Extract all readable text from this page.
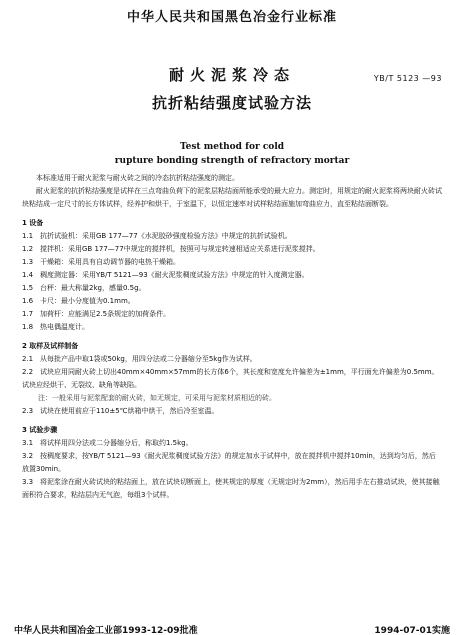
中华人民共和国黑色冶金行业标准
耐火泥浆冷态
抗折粘结强度试验方法
YB/T 5123 —93
Test method for cold
rupture bonding strength of refractory mortar

本标准适用于耐火泥浆与耐火砖之间的冷态抗折粘结强度的测定。

耐火泥浆的抗折粘结强度是试样在三点弯曲负荷下的泥浆层粘结面所能承受的最大应力。测定时，用规定的耐火泥浆将两块耐火砖试块粘结成一定尺寸的长方体试样，经养护和烘干，于室温下，以恒定速率对试样粘结面施加弯曲应力，直至粘结面断裂。

1 设备
1.1 抗折试验机：采用GB 177—77《水泥胶砂强度检验方法》中规定的抗折试验机。
1.2 搅拌机：采用GB 177—77中规定的搅拌机，按照可与规定转速相适应关系进行泥浆搅拌。
1.3 干燥箱：采用具有自动调节器的电热干燥箱。
1.4 稠度测定器：采用YB/T 5121—93《耐火泥浆稠度试验方法》中规定的针入度测定器。
1.5 台秤：最大称量2kg，感量0.5g。
1.6 卡尺：最小分度值为0.1mm。
1.7 加荷杆：应能满足2.5条规定的加荷条件。
1.8 热电偶温度计。
2 取样及试样制备
2.1 从每批产品中取1袋或50kg，用四分法或二分器缩分至5kg作为试样。
2.2 试块应用同耐火砖上切出40mm×40mm×57mm的长方体6个，其长度和宽度允许偏差为±1mm，平行面允许偏差为0.5mm。试块应经烘干、无裂纹、缺角等缺陷。
注：一般采用与泥浆配套的耐火砖，如无规定，可采用与泥浆材质相近的砖。
2.3 试块在使用前应于110±5℃烘箱中烘干，然后冷至室温。
3 试验步骤
3.1 将试样用四分法或二分器缩分后，称取约1.5kg。
3.2 按稠度要求，按YB/T 5121—93《耐火泥浆稠度试验方法》的规定加水于试样中，放在搅拌机中搅拌10min，达到均匀后，然后放置30min。
3.3 将泥浆涂在耐火砖试块的粘结面上，放在试块切断面上，使其规定的厚度（无规定时为2mm），然后用手左右推动试块，使其接触面积符合要求，粘结层内无气泡，每组3个试样。
中华人民共和国冶金工业部1993-12-09批准	1994-07-01实施
